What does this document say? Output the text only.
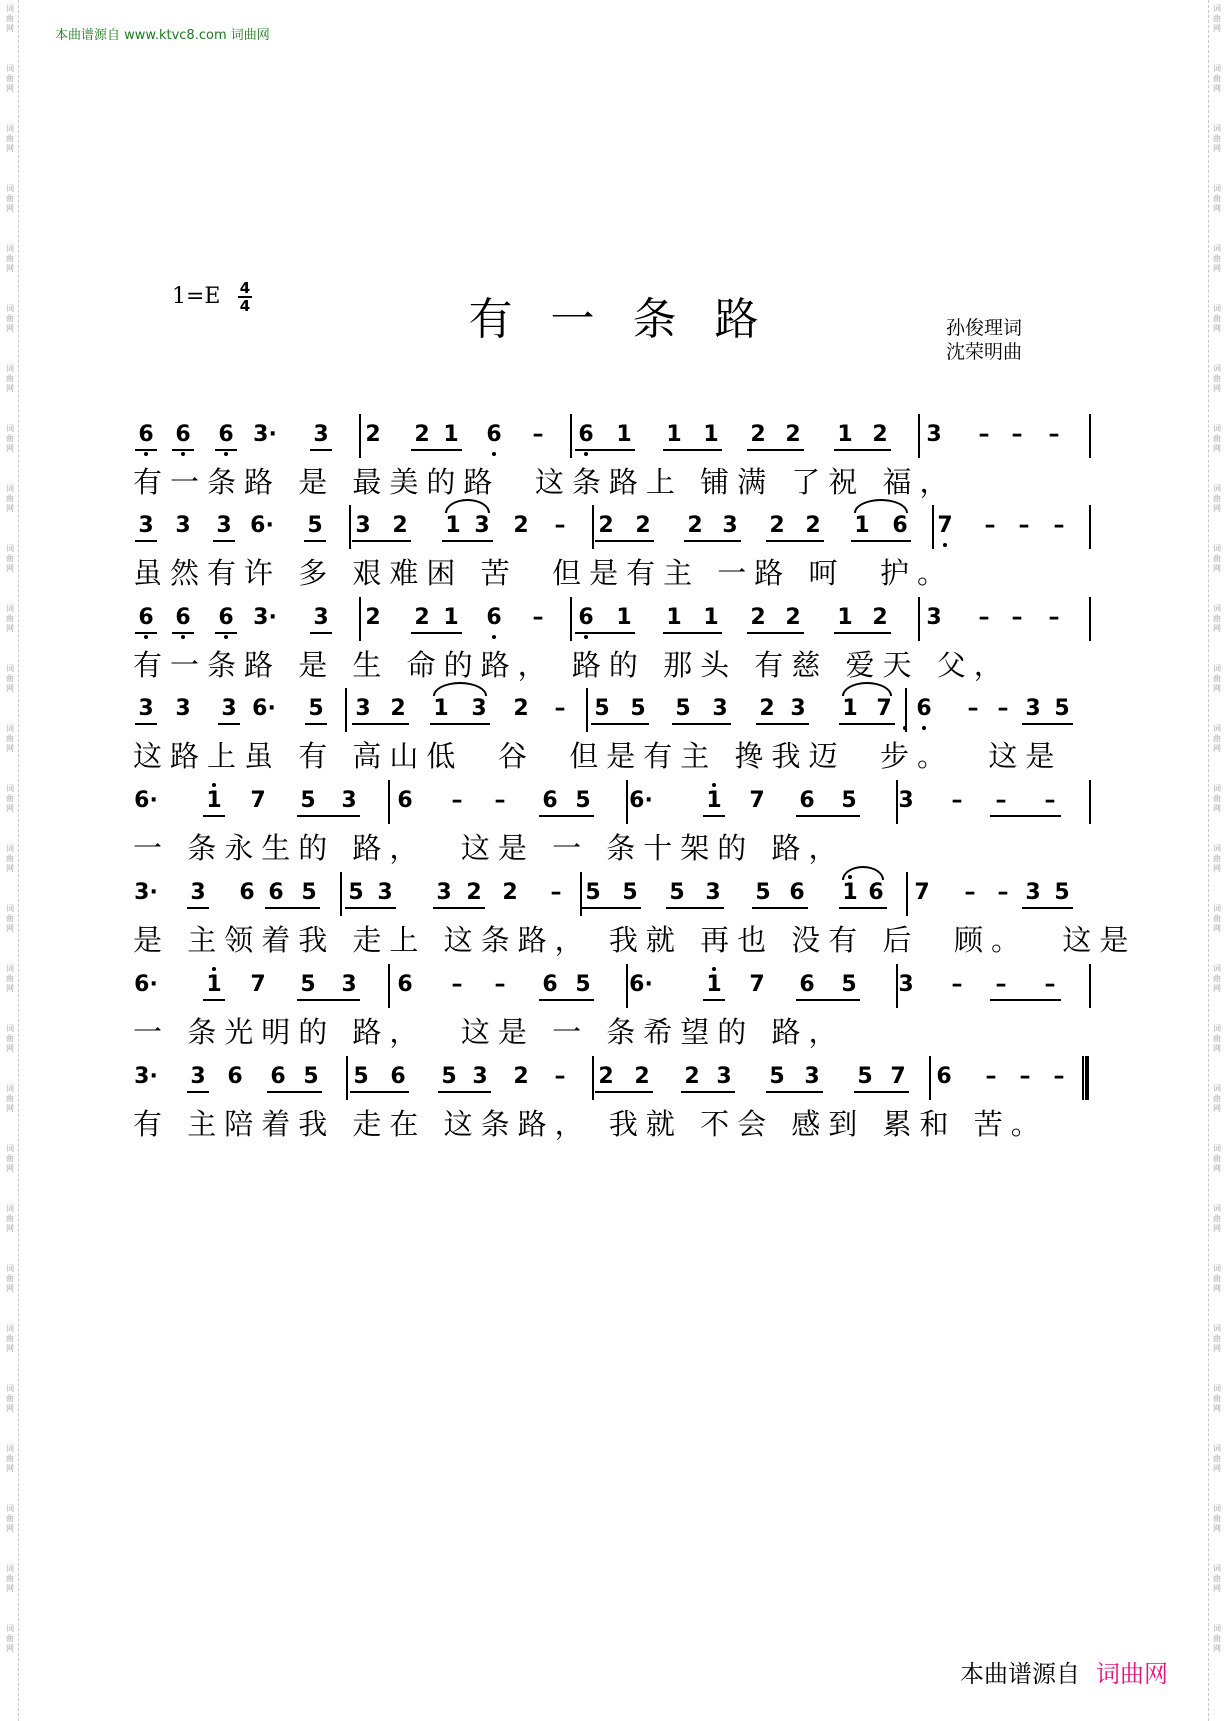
词
曲
网
词
曲
网
词
曲
网
词
曲
网
词
曲
网
词
曲
网
词
曲
网
词
曲
网
词
曲
网
词
曲
网
词
曲
网
词
曲
网
词
曲
网
词
曲
网
词
曲
网
词
曲
网
词
曲
网
词
曲
网
词
曲
网
词
曲
网
词
曲
网
词
曲
网
词
曲
网
词
曲
网
词
曲
网
词
曲
网
词
曲
网
词
曲
网
词
曲
网
词
曲
网
词
曲
网
词
曲
网
词
曲
网
词
曲
网
词
曲
网
词
曲
网
词
曲
网
词
曲
网
词
曲
网
词
曲
网
词
曲
网
词
曲
网
词
曲
网
词
曲
网
词
曲
网
词
曲
网
词
曲
网
词
曲
网
词
曲
网
词
曲
网
词
曲
网
词
曲
网
词
曲
网
词
曲
网
词
曲
网
词
曲
网
本曲谱源自 www.ktvc8.com 词曲网
1=E 4
4	有一条路	孙俊理词
沈荣明曲
6 6 6 3· 3 2 2 1 6 – 6 1 1 1 2 2 1 2 3 – – –
有一条路 是 最美的路  这条路上 铺满 了祝 福，
3 3 3 6· 5 3 2 1 3 2 – 2 2 2 3 2 2 1 6 7 – – –
虽然有许 多 艰难困 苦  但是有主 一路 呵  护。
6 6 6 3· 3 2 2 1 6 – 6 1 1 1 2 2 1 2 3 – – –
有一条路 是 生 命的路， 路的 那头 有慈 爱天 父，
3 3 3 6· 5 3 2 1 3 2 – 5 5 5 3 2 3 1 7 6 – – 3 5
这路上虽 有 高山低  谷  但是有主 搀我迈  步。  这是
6· 1 7 5 3 6 – – 6 5 6· 1 7 6 5 3 – – –
一 条永生的 路，  这是 一 条十架的 路，
3· 3 6 6 5 5 3 3 2 2 – 5 5 5 3 5 6 1 6 7 – – 3 5
是 主领着我 走上 这条路， 我就 再也 没有 后  顾。  这是
6· 1 7 5 3 6 – – 6 5 6· 1 7 6 5 3 – – –
一 条光明的 路，  这是 一 条希望的 路，
3· 3 6 6 5 5 6 5 3 2 – 2 2 2 3 5 3 5 7 6 – – –
有 主陪着我 走在 这条路， 我就 不会 感到 累和 苦。
本曲谱源自 词曲网
